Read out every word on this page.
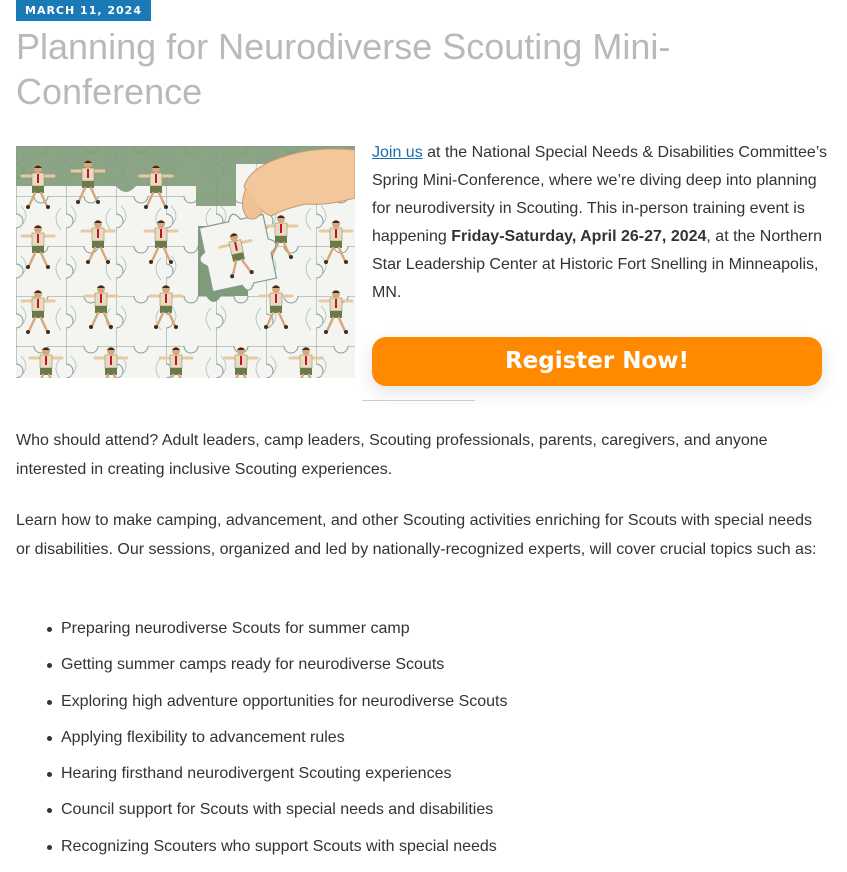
MARCH 11, 2024
Planning for Neurodiverse Scouting Mini-Conference

Join us at the National Special Needs & Disabilities Committee’s Spring Mini-Conference, where we’re diving deep into planning for neurodiversity in Scouting. This in-person training event is happening Friday-Saturday, April 26-27, 2024, at the Northern Star Leadership Center at Historic Fort Snelling in Minneapolis, MN.

Register Now!

Who should attend? Adult leaders, camp leaders, Scouting professionals, parents, caregivers, and anyone interested in creating inclusive Scouting experiences.

Learn how to make camping, advancement, and other Scouting activities enriching for Scouts with special needs or disabilities. Our sessions, organized and led by nationally-recognized experts, will cover crucial topics such as:

Preparing neurodiverse Scouts for summer camp
Getting summer camps ready for neurodiverse Scouts
Exploring high adventure opportunities for neurodiverse Scouts
Applying flexibility to advancement rules
Hearing firsthand neurodivergent Scouting experiences
Council support for Scouts with special needs and disabilities
Recognizing Scouters who support Scouts with special needs
